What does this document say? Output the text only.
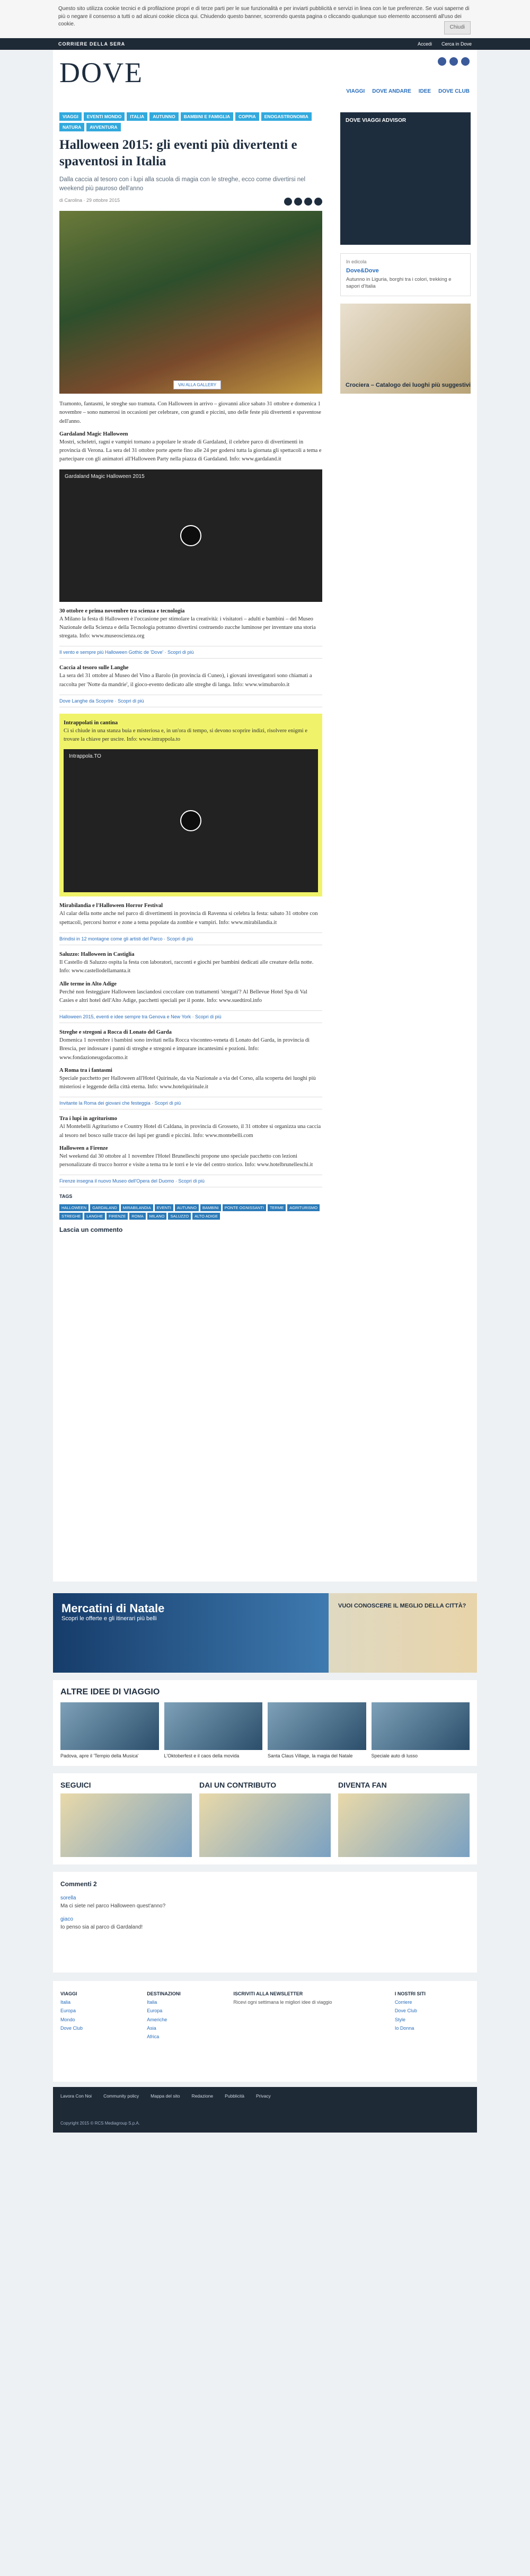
Questo sito utilizza cookie tecnici e di profilazione propri e di terze parti per le sue funzionalità e per inviarti pubblicità e servizi in linea con le tue preferenze. Se vuoi saperne di più o negare il consenso a tutti o ad alcuni cookie clicca qui. Chiudendo questo banner, scorrendo questa pagina o cliccando qualunque suo elemento acconsenti all'uso dei cookie.
Chiudi
CORRIERE DELLA SERA	Accedi Cerca in Dove
DOVE
VIAGGI DOVE ANDARE IDEE DOVE CLUB
VIAGGI	EVENTI MONDO	ITALIA	AUTUNNO	BAMBINI E FAMIGLIA	COPPIA	ENOGASTRONOMIA
NATURA	AVVENTURA
Halloween 2015: gli eventi più divertenti e spaventosi in Italia
Dalla caccia al tesoro con i lupi alla scuola di magia con le streghe, ecco come divertirsi nel weekend più pauroso dell'anno
di Carolina · 29 ottobre 2015
VAI ALLA GALLERY

Tramonto, fantasmi, le streghe suo tramuta. Con Halloween in arrivo – giovanni alice sabato 31 ottobre e domenica 1 novembre – sono numerosi in occasioni per celebrare, con grandi e piccini, uno delle feste più divertenti e spaventose dell'anno.

Gardaland Magic Halloween

Mostri, scheletri, ragni e vampiri tornano a popolare le strade di Gardaland, il celebre parco di divertimenti in provincia di Verona. La sera del 31 ottobre porte aperte fino alle 24 per godersi tutta la giornata gli spettacoli a tema e partecipare con gli animatori all'Halloween Party nella piazza di Gardaland. Info: www.gardaland.it

Gardaland Magic Halloween 2015
30 ottobre e prima novembre tra scienza e tecnologia

A Milano la festa di Halloween è l'occasione per stimolare la creatività: i visitatori – adulti e bambini – del Museo Nazionale della Scienza e della Tecnologia potranno divertirsi costruendo zucche luminose per inventare una storia stregata. Info: www.museoscienza.org

Il vento e sempre più Halloween Gothic de 'Dove' · Scopri di più
Caccia al tesoro sulle Langhe

La sera del 31 ottobre al Museo del Vino a Barolo (in provincia di Cuneo), i giovani investigatori sono chiamati a raccolta per 'Notte da mandrie', il gioco-evento dedicato alle streghe di langa. Info: www.wimubarolo.it

Dove Langhe da Scoprire · Scopri di più
Intrappolati in cantina

Ci si chiude in una stanza buia e misteriosa e, in un'ora di tempo, si devono scoprire indizi, risolvere enigmi e trovare la chiave per uscire. Info: www.intrappola.to

Intrappola.TO
Mirabilandia e l'Halloween Horror Festival

Al calar della notte anche nel parco di divertimenti in provincia di Ravenna si celebra la festa: sabato 31 ottobre con spettacoli, percorsi horror e zone a tema popolate da zombie e vampiri. Info: www.mirabilandia.it

Brindisi in 12 montagne come gli artisti del Parco · Scopri di più
Saluzzo: Halloween in Castiglia

Il Castello di Saluzzo ospita la festa con laboratori, racconti e giochi per bambini dedicati alle creature della notte. Info: www.castellodellamanta.it

Alle terme in Alto Adige

Perché non festeggiare Halloween lasciandosi coccolare con trattamenti 'stregati'? Al Bellevue Hotel Spa di Val Casies e altri hotel dell'Alto Adige, pacchetti speciali per il ponte. Info: www.suedtirol.info

Halloween 2015, eventi e idee sempre tra Genova e New York · Scopri di più
Streghe e stregoni a Rocca di Lonato del Garda

Domenica 1 novembre i bambini sono invitati nella Rocca visconteo-veneta di Lonato del Garda, in provincia di Brescia, per indossare i panni di streghe e stregoni e imparare incantesimi e pozioni. Info: www.fondazioneugodacomo.it

A Roma tra i fantasmi

Speciale pacchetto per Halloween all'Hotel Quirinale, da via Nazionale a via del Corso, alla scoperta dei luoghi più misteriosi e leggende della città eterna. Info: www.hotelquirinale.it

Invitante la Roma dei giovani che festeggia · Scopri di più
Tra i lupi in agriturismo

Al Montebelli Agriturismo e Country Hotel di Caldana, in provincia di Grosseto, il 31 ottobre si organizza una caccia al tesoro nel bosco sulle tracce dei lupi per grandi e piccini. Info: www.montebelli.com

Halloween a Firenze

Nel weekend dal 30 ottobre al 1 novembre l'Hotel Brunelleschi propone uno speciale pacchetto con lezioni personalizzate di trucco horror e visite a tema tra le torri e le vie del centro storico. Info: www.hotelbrunelleschi.it

Firenze insegna il nuovo Museo dell'Opera del Duomo · Scopri di più
TAGS
HALLOWEEN	GARDALAND	MIRABILANDIA	EVENTI	AUTUNNO	BAMBINI	PONTE OGNISSANTI	TERME	AGRITURISMO
STREGHE	LANGHE	FIRENZE	ROMA	MILANO	SALUZZO	ALTO ADIGE
Lascia un commento
DOVE VIAGGI ADVISOR
In edicola
Dove&Dove
Autunno in Liguria, borghi tra i colori, trekking e sapori d'Italia
Crociera – Catalogo dei luoghi più suggestivi
Mercatini di Natale
Scopri le offerte e gli itinerari più belli
VUOI CONOSCERE IL MEGLIO DELLA CITTÀ?
ALTRE IDEE DI VIAGGIO

Padova, apre il 'Tempio della Musica'	L'Oktoberfest e il caos della movida	Santa Claus Village, la magia del Natale	Speciale auto di lusso

SEGUICI	DAI UN CONTRIBUTO	DIVENTA FAN
Commenti 2
sorella
Ma ci siete nel parco Halloween quest'anno?
giaco
Io penso sia al parco di Gardaland!
VIAGGI
Italia
Europa
Mondo
Dove Club
DESTINAZIONI
Italia
Europa
Americhe
Asia
Africa
ISCRIVITI ALLA NEWSLETTER
Ricevi ogni settimana le migliori idee di viaggio
I NOSTRI SITI
Corriere
Dove Club
Style
Io Donna
Lavora Con Noi	Community policy	Mappa del sito	Redazione	Pubblicità	Privacy
Copyright 2015 © RCS Mediagroup S.p.A.
